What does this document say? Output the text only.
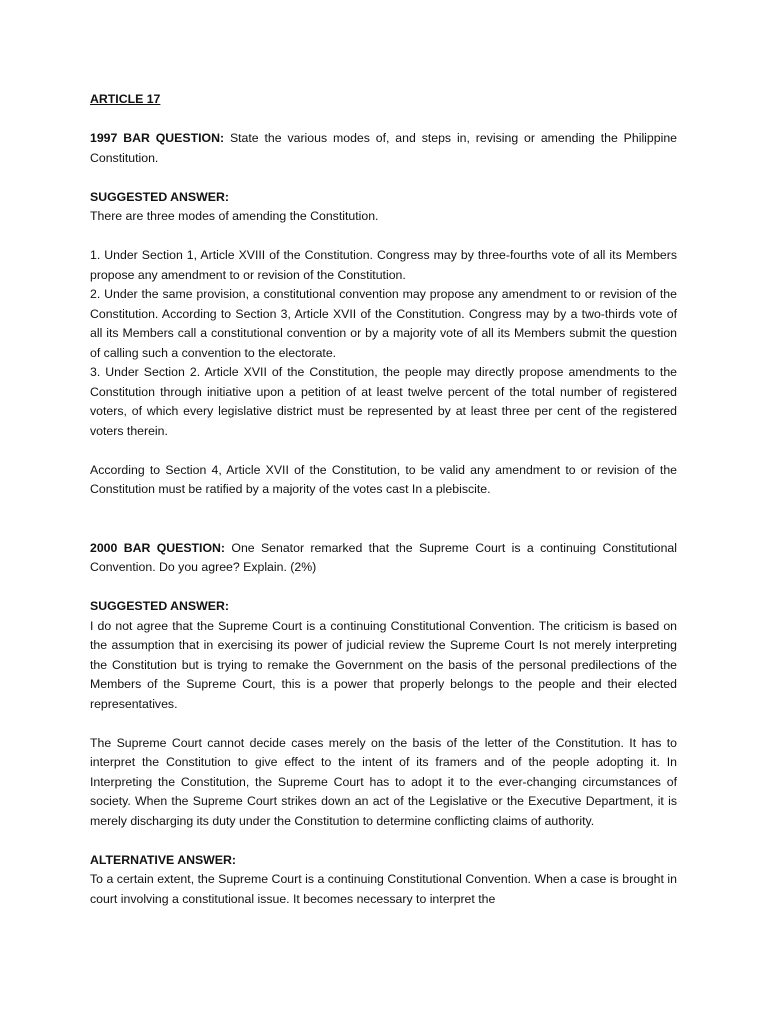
ARTICLE 17

1997 BAR QUESTION: State the various modes of, and steps in, revising or amending the Philippine Constitution.

SUGGESTED ANSWER:

There are three modes of amending the Constitution.

1. Under Section 1, Article XVIII of the Constitution. Congress may by three-fourths vote of all its Members propose any amendment to or revision of the Constitution.

2. Under the same provision, a constitutional convention may propose any amendment to or revision of the Constitution. According to Section 3, Article XVII of the Constitution. Congress may by a two-thirds vote of all its Members call a constitutional convention or by a majority vote of all its Members submit the question of calling such a convention to the electorate.

3. Under Section 2. Article XVII of the Constitution, the people may directly propose amendments to the Constitution through initiative upon a petition of at least twelve percent of the total number of registered voters, of which every legislative district must be represented by at least three per cent of the registered voters therein.

According to Section 4, Article XVII of the Constitution, to be valid any amendment to or revision of the Constitution must be ratified by a majority of the votes cast In a plebiscite.

2000 BAR QUESTION: One Senator remarked that the Supreme Court is a continuing Constitutional Convention. Do you agree? Explain. (2%)

SUGGESTED ANSWER:

I do not agree that the Supreme Court is a continuing Constitutional Convention. The criticism is based on the assumption that in exercising its power of judicial review the Supreme Court Is not merely interpreting the Constitution but is trying to remake the Government on the basis of the personal predilections of the Members of the Supreme Court, this is a power that properly belongs to the people and their elected representatives.

The Supreme Court cannot decide cases merely on the basis of the letter of the Constitution. It has to interpret the Constitution to give effect to the intent of its framers and of the people adopting it. In Interpreting the Constitution, the Supreme Court has to adopt it to the ever-changing circumstances of society. When the Supreme Court strikes down an act of the Legislative or the Executive Department, it is merely discharging its duty under the Constitution to determine conflicting claims of authority.

ALTERNATIVE ANSWER:

To a certain extent, the Supreme Court is a continuing Constitutional Convention. When a case is brought in court involving a constitutional issue. It becomes necessary to interpret the
